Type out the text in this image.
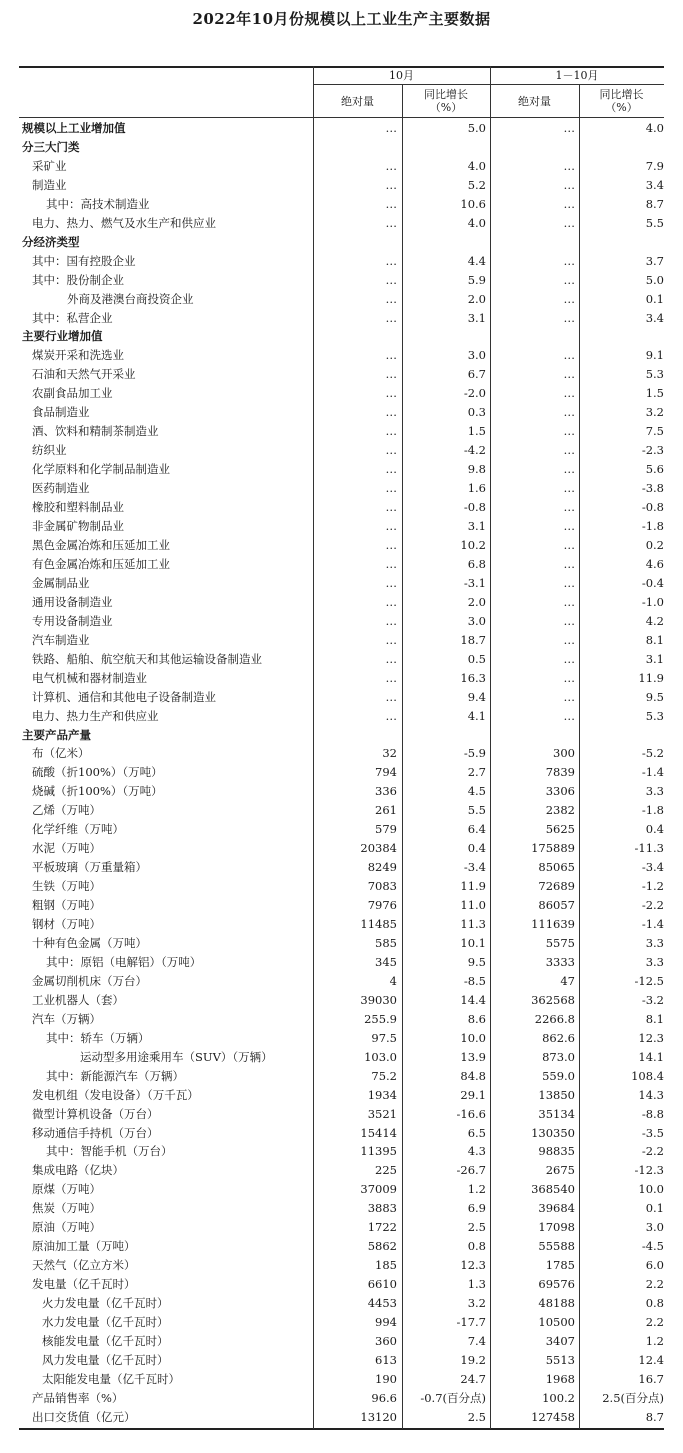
2022年10月份规模以上工业生产主要数据
10月	1－10月
绝对量
同比增长
（%）	绝对量
同比增长
（%）
规模以上工业增加值	…	5.0	…	4.0
分三大门类
采矿业	…	4.0	…	7.9
制造业	…	5.2	…	3.4
其中：高技术制造业	…	10.6	…	8.7
电力、热力、燃气及水生产和供应业	…	4.0	…	5.5
分经济类型
其中：国有控股企业	…	4.4	…	3.7
其中：股份制企业	…	5.9	…	5.0
外商及港澳台商投资企业	…	2.0	…	0.1
其中：私营企业	…	3.1	…	3.4
主要行业增加值
煤炭开采和洗选业	…	3.0	…	9.1
石油和天然气开采业	…	6.7	…	5.3
农副食品加工业	…	-2.0	…	1.5
食品制造业	…	0.3	…	3.2
酒、饮料和精制茶制造业	…	1.5	…	7.5
纺织业	…	-4.2	…	-2.3
化学原料和化学制品制造业	…	9.8	…	5.6
医药制造业	…	1.6	…	-3.8
橡胶和塑料制品业	…	-0.8	…	-0.8
非金属矿物制品业	…	3.1	…	-1.8
黑色金属冶炼和压延加工业	…	10.2	…	0.2
有色金属冶炼和压延加工业	…	6.8	…	4.6
金属制品业	…	-3.1	…	-0.4
通用设备制造业	…	2.0	…	-1.0
专用设备制造业	…	3.0	…	4.2
汽车制造业	…	18.7	…	8.1
铁路、船舶、航空航天和其他运输设备制造业	…	0.5	…	3.1
电气机械和器材制造业	…	16.3	…	11.9
计算机、通信和其他电子设备制造业	…	9.4	…	9.5
电力、热力生产和供应业	…	4.1	…	5.3
主要产品产量
布（亿米）	32	-5.9	300	-5.2
硫酸（折100%）（万吨）	794	2.7	7839	-1.4
烧碱（折100%）（万吨）	336	4.5	3306	3.3
乙烯（万吨）	261	5.5	2382	-1.8
化学纤维（万吨）	579	6.4	5625	0.4
水泥（万吨）	20384	0.4	175889	-11.3
平板玻璃（万重量箱）	8249	-3.4	85065	-3.4
生铁（万吨）	7083	11.9	72689	-1.2
粗钢（万吨）	7976	11.0	86057	-2.2
钢材（万吨）	11485	11.3	111639	-1.4
十种有色金属（万吨）	585	10.1	5575	3.3
其中：原铝（电解铝）（万吨）	345	9.5	3333	3.3
金属切削机床（万台）	4	-8.5	47	-12.5
工业机器人（套）	39030	14.4	362568	-3.2
汽车（万辆）	255.9	8.6	2266.8	8.1
其中：轿车（万辆）	97.5	10.0	862.6	12.3
运动型多用途乘用车（SUV）（万辆）	103.0	13.9	873.0	14.1
其中：新能源汽车（万辆）	75.2	84.8	559.0	108.4
发电机组（发电设备）（万千瓦）	1934	29.1	13850	14.3
微型计算机设备（万台）	3521	-16.6	35134	-8.8
移动通信手持机（万台）	15414	6.5	130350	-3.5
其中：智能手机（万台）	11395	4.3	98835	-2.2
集成电路（亿块）	225	-26.7	2675	-12.3
原煤（万吨）	37009	1.2	368540	10.0
焦炭（万吨）	3883	6.9	39684	0.1
原油（万吨）	1722	2.5	17098	3.0
原油加工量（万吨）	5862	0.8	55588	-4.5
天然气（亿立方米）	185	12.3	1785	6.0
发电量（亿千瓦时）	6610	1.3	69576	2.2
火力发电量（亿千瓦时）	4453	3.2	48188	0.8
水力发电量（亿千瓦时）	994	-17.7	10500	2.2
核能发电量（亿千瓦时）	360	7.4	3407	1.2
风力发电量（亿千瓦时）	613	19.2	5513	12.4
太阳能发电量（亿千瓦时）	190	24.7	1968	16.7
产品销售率（%）	96.6 -0.7(百分点)	100.2 2.5(百分点)
出口交货值（亿元）	13120	2.5	127458	8.7
